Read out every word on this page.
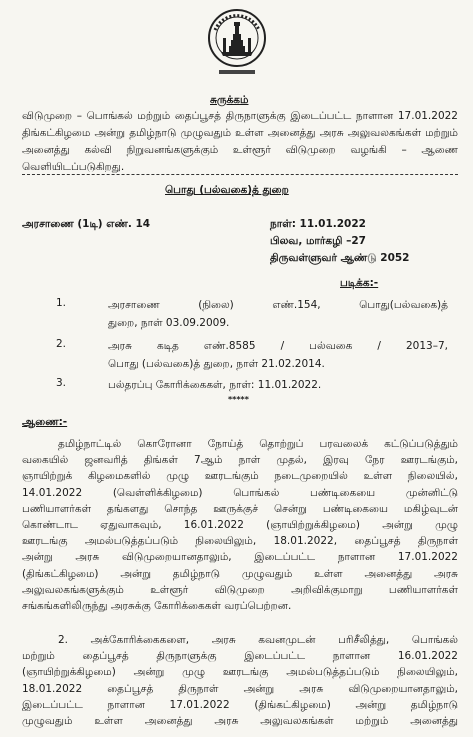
சுருக்கம்
விடுமுறை – பொங்கல் மற்றும் தைப்பூசத் திருநாளுக்கு இடைப்பட்ட நாளான 17.01.2022 திங்கட்கிழமை அன்று தமிழ்நாடு முழுவதும் உள்ள அனைத்து அரசு அலுவலகங்கள் மற்றும் அனைத்து கல்வி நிறுவனங்களுக்கும் உள்ளூர் விடுமுறை வழங்கி – ஆணை வெளியிடப்படுகிறது.
பொது (பல்வகை)த் துறை
அரசாணை (1டி) எண். 14	நாள்: 11.01.2022
பிலவ, மார்கழி –27
திருவள்ளுவர் ஆண்டு 2052
படிக்க:-
1.	அரசாணை (நிலை) எண்.154, பொது(பல்வகை)த்
துறை, நாள் 03.09.2009.
2.	அரசு கடித எண்.8585 / பல்வகை / 2013–7,
பொது (பல்வகை)த் துறை, நாள் 21.02.2014.
3.	பல்தரப்பு கோரிக்கைகள், நாள்: 11.01.2022.
*****
ஆணை:-
தமிழ்நாட்டில் கொரோனா நோய்த் தொற்றுப் பரவலைக் கட்டுப்படுத்தும்
வகையில் ஜனவரித் திங்கள் 7ஆம் நாள் முதல், இரவு நேர ஊரடங்கும்,
ஞாயிற்றுக் கிழமைகளில் முழு ஊரடங்கும் நடைமுறையில் உள்ள நிலையில்,
14.01.2022 (வெள்ளிக்கிழமை) பொங்கல் பண்டிகையை முன்னிட்டு
பணியாளர்கள் தங்களது சொந்த ஊருக்குச் சென்று பண்டிகையை மகிழ்வுடன்
கொண்டாட ஏதுவாகவும், 16.01.2022 (ஞாயிற்றுக்கிழமை) அன்று முழு
ஊரடங்கு அமல்படுத்தப்படும் நிலையிலும், 18.01.2022, தைப்பூசத் திருநாள்
அன்று அரசு விடுமுறையானதாலும், இடைப்பட்ட நாளான 17.01.2022
(திங்கட்கிழமை) அன்று தமிழ்நாடு முழுவதும் உள்ள அனைத்து அரசு
அலுவலகங்களுக்கும் உள்ளூர் விடுமுறை அறிவிக்குமாறு பணியாளர்கள்
சங்கங்களிலிருந்து அரசுக்கு கோரிக்கைகள் வரப்பெற்றன.
2. அக்கோரிக்கைகளை, அரசு கவனமுடன் பரிசீலித்து, பொங்கல்
மற்றும் தைப்பூசத் திருநாளுக்கு இடைப்பட்ட நாளான 16.01.2022
(ஞாயிற்றுக்கிழமை) அன்று முழு ஊரடங்கு அமல்படுத்தப்படும் நிலையிலும்,
18.01.2022 தைப்பூசத் திருநாள் அன்று அரசு விடுமுறையானதாலும்,
இடைப்பட்ட நாளான 17.01.2022 (திங்கட்கிழமை) அன்று தமிழ்நாடு
முழுவதும் உள்ள அனைத்து அரசு அலுவலகங்கள் மற்றும் அனைத்து
